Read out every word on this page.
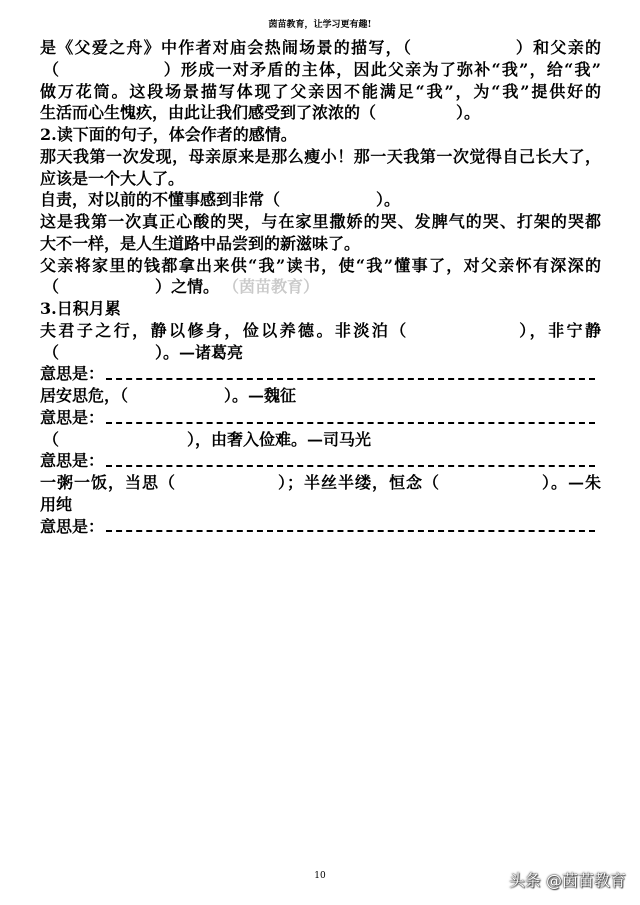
茵苗教育，让学习更有趣!
是《父爱之舟》中作者对庙会热闹场景的描写，（　　　　　　）和父亲的
（　　　　　　）形成一对矛盾的主体，因此父亲为了弥补“我”，给“我”
做万花筒。这段场景描写体现了父亲因不能满足“我”，为“我”提供好的
生活而心生愧疚，由此让我们感受到了浓浓的（　　　　　）。
2.读下面的句子，体会作者的感情。
那天我第一次发现，母亲原来是那么瘦小！那一天我第一次觉得自己长大了，
应该是一个大人了。
自责，对以前的不懂事感到非常（　　　　　　）。
这是我第一次真正心酸的哭，与在家里撒娇的哭、发脾气的哭、打架的哭都
大不一样，是人生道路中品尝到的新滋味了。
父亲将家里的钱都拿出来供“我”读书，使“我”懂事了，对父亲怀有深深的
（　　　　　　）之情。 （茵苗教育）
3.日积月累
夫君子之行，静以修身，俭以养德。非淡泊（　　　　　　），非宁静
（　　　　　　）。—诸葛亮
意思是：
居安思危，（　　　　　　）。—魏征
意思是：
（　　　　　　　　），由奢入俭难。—司马光
意思是：
一粥一饭，当思（　　　　　　）；半丝半缕，恒念（　　　　　　）。—朱
用纯
意思是：
10	头条 @茵苗教育
